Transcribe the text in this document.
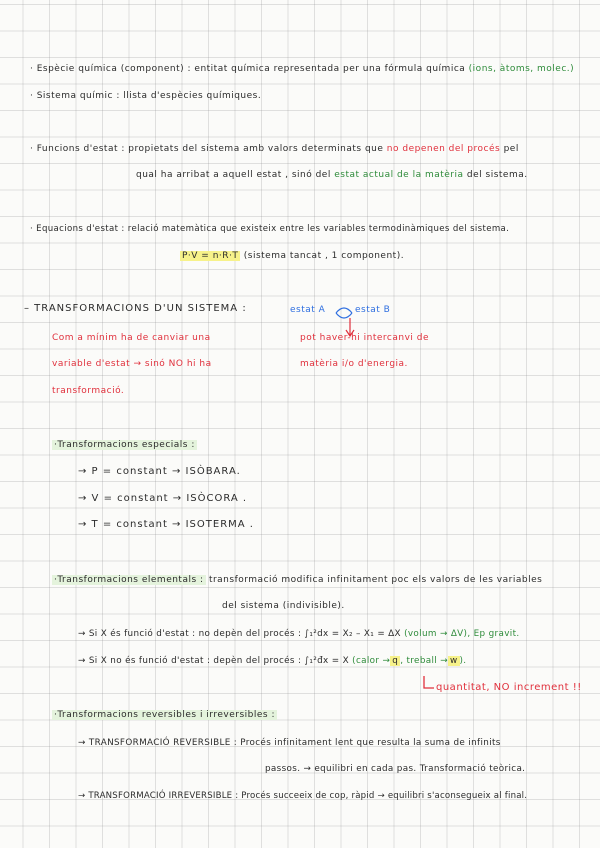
· Espècie química (component) : entitat química representada per una fórmula química (ions, àtoms, molec.)
· Sistema químic : llista d'espècies químiques.
· Funcions d'estat : propietats del sistema amb valors determinats que no depenen del procés pel
qual ha arribat a aquell estat , sinó del estat actual de la matèria del sistema.
· Equacions d'estat : relació matemàtica que existeix entre les variables termodinàmiques del sistema.
P·V = n·R·T (sistema tancat , 1 component).
– TRANSFORMACIONS D'UN SISTEMA :
Com a mínim ha de canviar una
variable d'estat → sinó NO hi ha
transformació.
estat A	estat B
pot haver-hi intercanvi de
matèria i/o d'energia.
·Transformacions especials :
→ P = constant → ISÒBARA.
→ V = constant → ISÒCORA .
→ T = constant → ISOTERMA .
·Transformacions elementals : transformació modifica infinitament poc els valors de les variables
del sistema (indivisible).
→ Si X és funció d'estat : no depèn del procés : ∫₁²dx = X₂ – X₁ = ΔX (volum → ΔV), Ep gravit.
→ Si X no és funció d'estat : depèn del procés : ∫₁²đx = X (calor → q , treball → w ).
quantitat, NO increment !!
·Transformacions reversibles i irreversibles :
→ TRANSFORMACIÓ REVERSIBLE : Procés infinitament lent que resulta la suma de infinits
passos. → equilibri en cada pas. Transformació teòrica.
→ TRANSFORMACIÓ IRREVERSIBLE : Procés succeeix de cop, ràpid → equilibri s'aconsegueix al final.
